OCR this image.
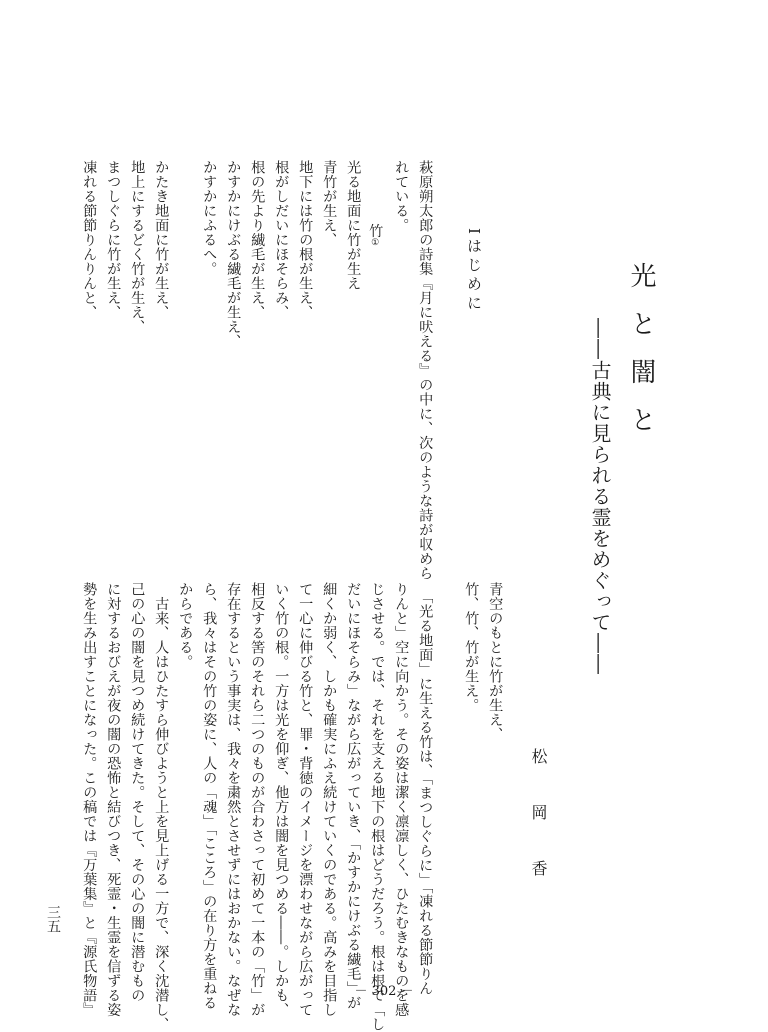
光と闇と
――古典に見られる霊をめぐって――
松岡香
Iはじめに
青空のもとに竹が生え、
竹、竹、竹が生え。
　「光る地面」に生える竹は、「まつしぐらに」「凍れる節節りん
りんと」空に向かう。その姿は潔く凛凛しく、ひたむきなものを感
じさせる。では、それを支える地下の根はどうだろう。根は根で「し
だいにほそらみ」ながら広がっていき、「かすかにけぶる繊毛」が
細くか弱く、しかも確実にふえ続けていくのである。高みを目指し
て一心に伸びる竹と、罪・背徳のイメージを漂わせながら広がって
いく竹の根。一方は光を仰ぎ、他方は闇を見つめる――。しかも、
相反する筈のそれら二つのものが合わさって初めて一本の「竹」が
存在するという事実は、我々を粛然とさせずにはおかない。なぜな
ら、我々はその竹の姿に、人の「魂」「こころ」の在り方を重ねる
からである。
　古来、人はひたすら伸びようと上を見上げる一方で、深く沈潜し、
己の心の闇を見つめ続けてきた。そして、その心の闇に潜むもの
に対するおびえが夜の闇の恐怖と結びつき、死霊・生霊を信ずる姿
勢を生み出すことになった。この稿では『万葉集』と『源氏物語』
萩原朔太郎の詩集『月に吠える』の中に、次のような詩が収めら
れている。

竹①

光る地面に竹が生え
青竹が生え、
地下には竹の根が生え、
根がしだいにほそらみ、
根の先より繊毛が生え、
かすかにけぶる繊毛が生え、
かすかにふるへ。
かたき地面に竹が生え、
地上にするどく竹が生え、
まつしぐらに竹が生え、
凍れる節節りんりんと、
三五
－ 302 －
